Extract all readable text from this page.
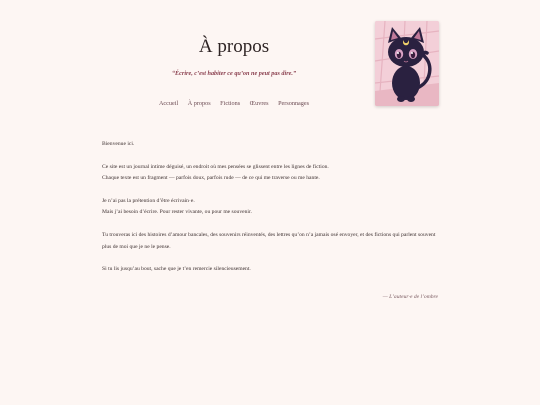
À propos
“Écrire, c’est habiter ce qu’on ne peut pas dire.”
Accueil À propos Fictions Œuvres Personnages

Bienvenue ici.

Ce site est un journal intime déguisé, un endroit où mes pensées se glissent entre les lignes de fiction.
Chaque texte est un fragment — parfois doux, parfois rude — de ce qui me traverse ou me hante.

Je n’ai pas la prétention d’être écrivain·e.
Mais j’ai besoin d’écrire. Pour rester vivante, ou pour me souvenir.

Tu trouveras ici des histoires d’amour bancales, des souvenirs réinventés, des lettres qu’on n’a jamais osé envoyer, et des fictions qui parlent souvent plus de moi que je ne le pense.

Si tu lis jusqu’au bout, sache que je t’en remercie silencieusement.

— L’auteur·e de l’ombre
